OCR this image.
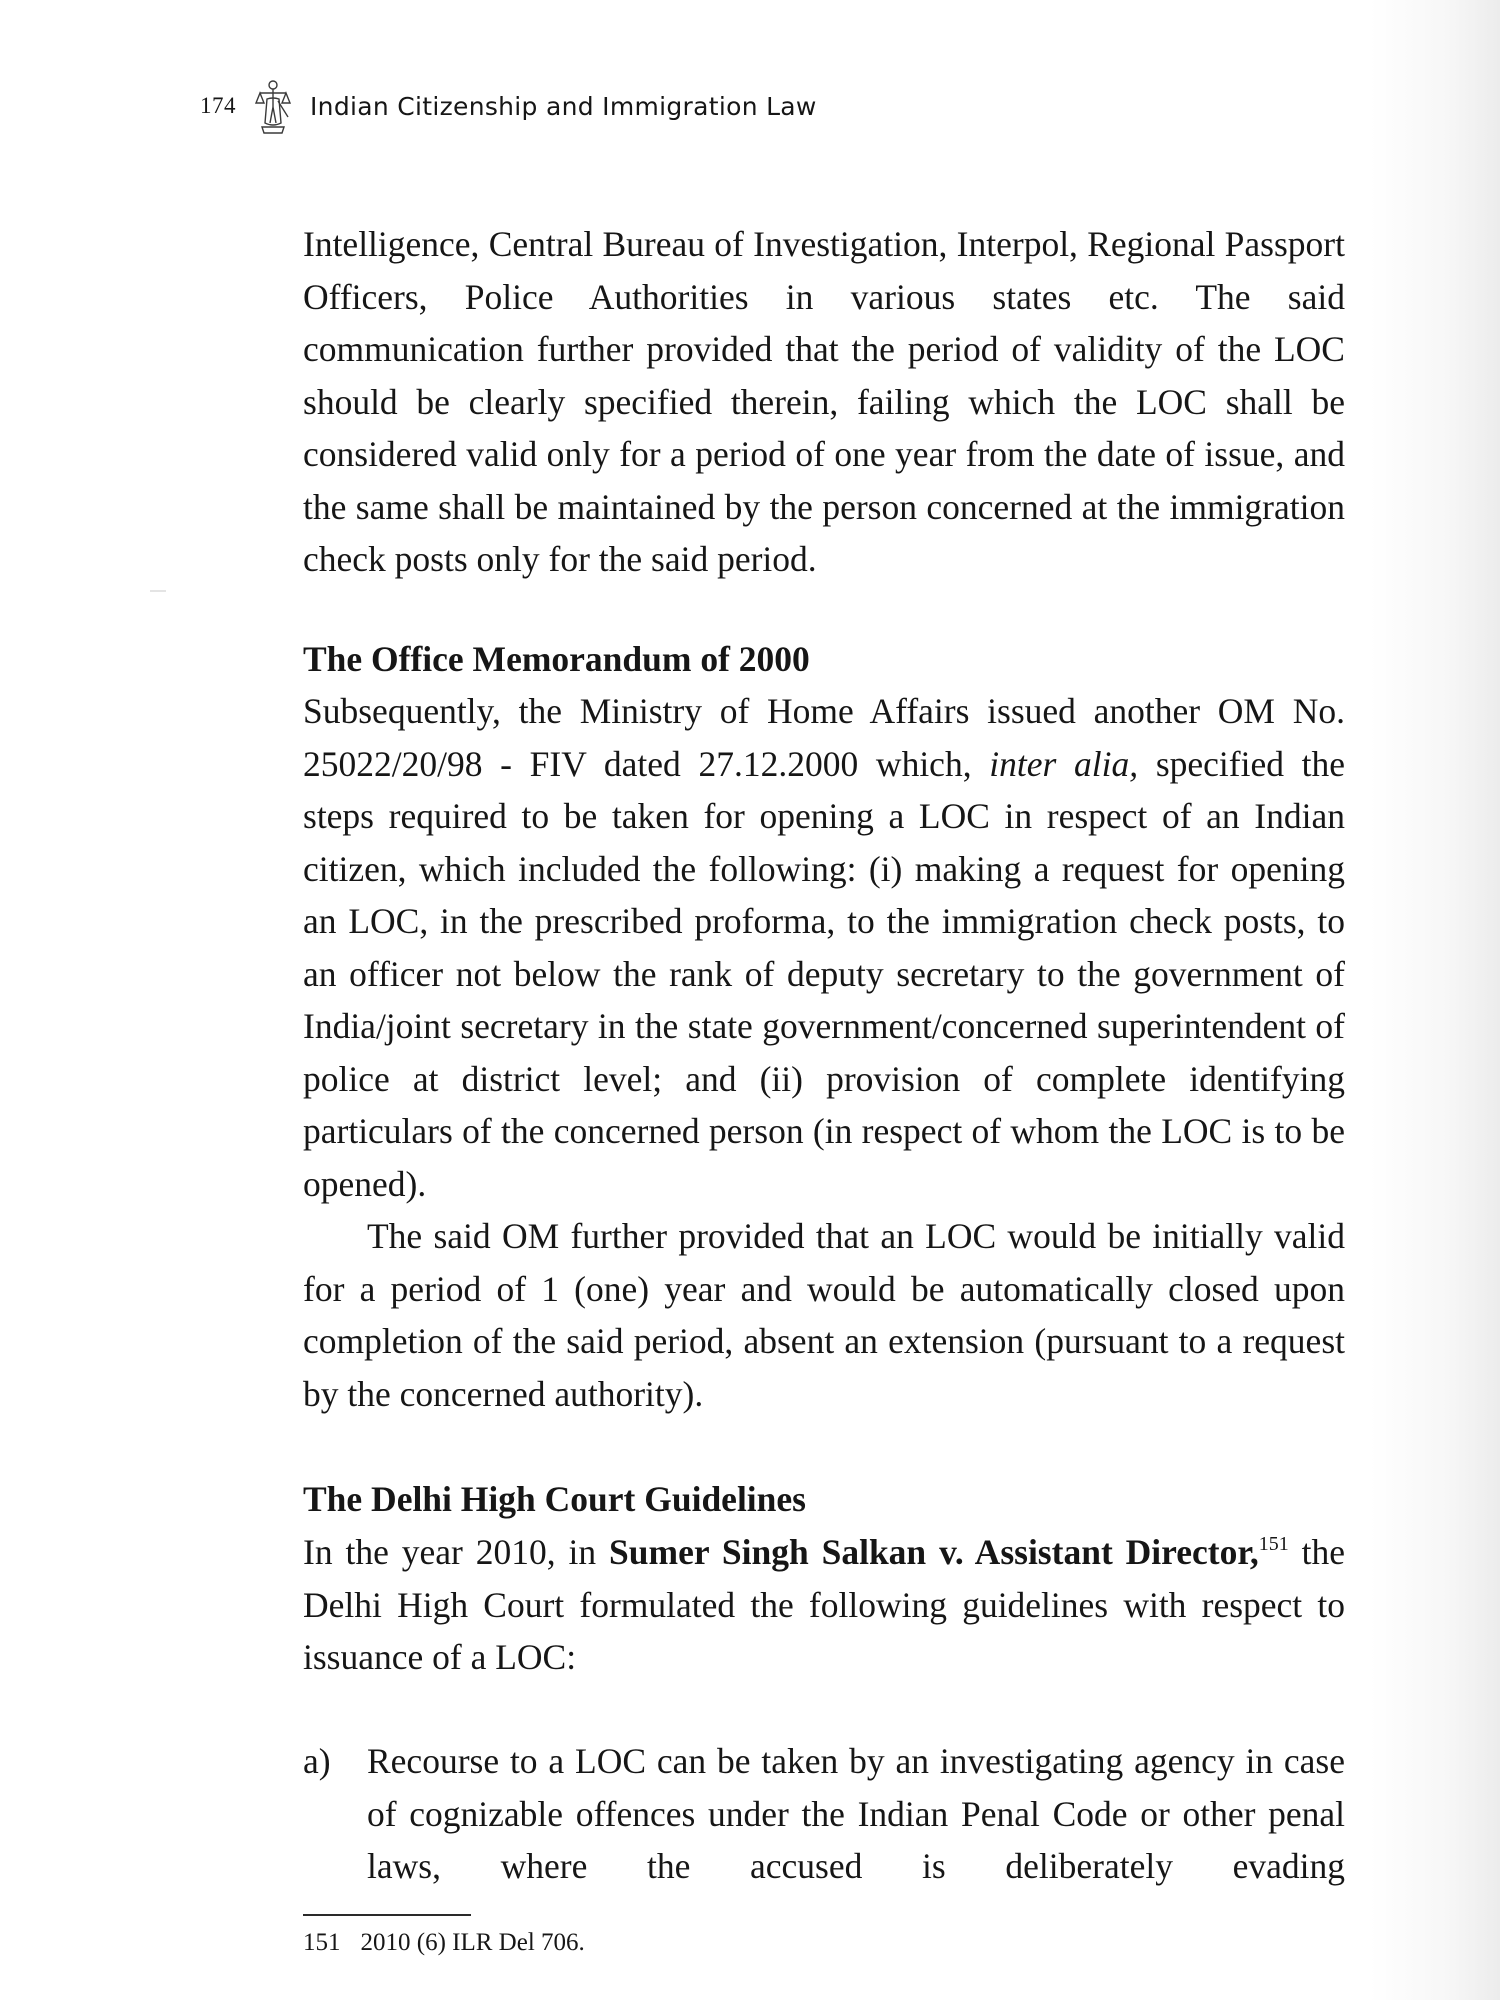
174	Indian Citizenship and Immigration Law

Intelligence, Central Bureau of Investigation, Interpol, Regional Passport Officers, Police Authorities in various states etc. The said communication further provided that the period of validity of the LOC should be clearly specified therein, failing which the LOC shall be considered valid only for a period of one year from the date of issue, and the same shall be maintained by the person concerned at the immigration check posts only for the said period.

The Office Memorandum of 2000

Subsequently, the Ministry of Home Affairs issued another OM No. 25022/20/98 - FIV dated 27.12.2000 which, inter alia, specified the steps required to be taken for opening a LOC in respect of an Indian citizen, which included the following: (i) making a request for opening an LOC, in the prescribed proforma, to the immigration check posts, to an officer not below the rank of deputy secretary to the government of India/joint secretary in the state government/concerned superintendent of police at district level; and (ii) provision of complete identifying particulars of the concerned person (in respect of whom the LOC is to be opened).

The said OM further provided that an LOC would be initially valid for a period of 1 (one) year and would be automatically closed upon completion of the said period, absent an extension (pursuant to a request by the concerned authority).

The Delhi High Court Guidelines

In the year 2010, in Sumer Singh Salkan v. Assistant Director,$^{151}$ the Delhi High Court formulated the following guidelines with respect to issuance of a LOC:

a)	Recourse to a LOC can be taken by an investigating agency in case of cognizable offences under the Indian Penal Code or other penal laws, where the accused is deliberately evading
151 2010 (6) ILR Del 706.
